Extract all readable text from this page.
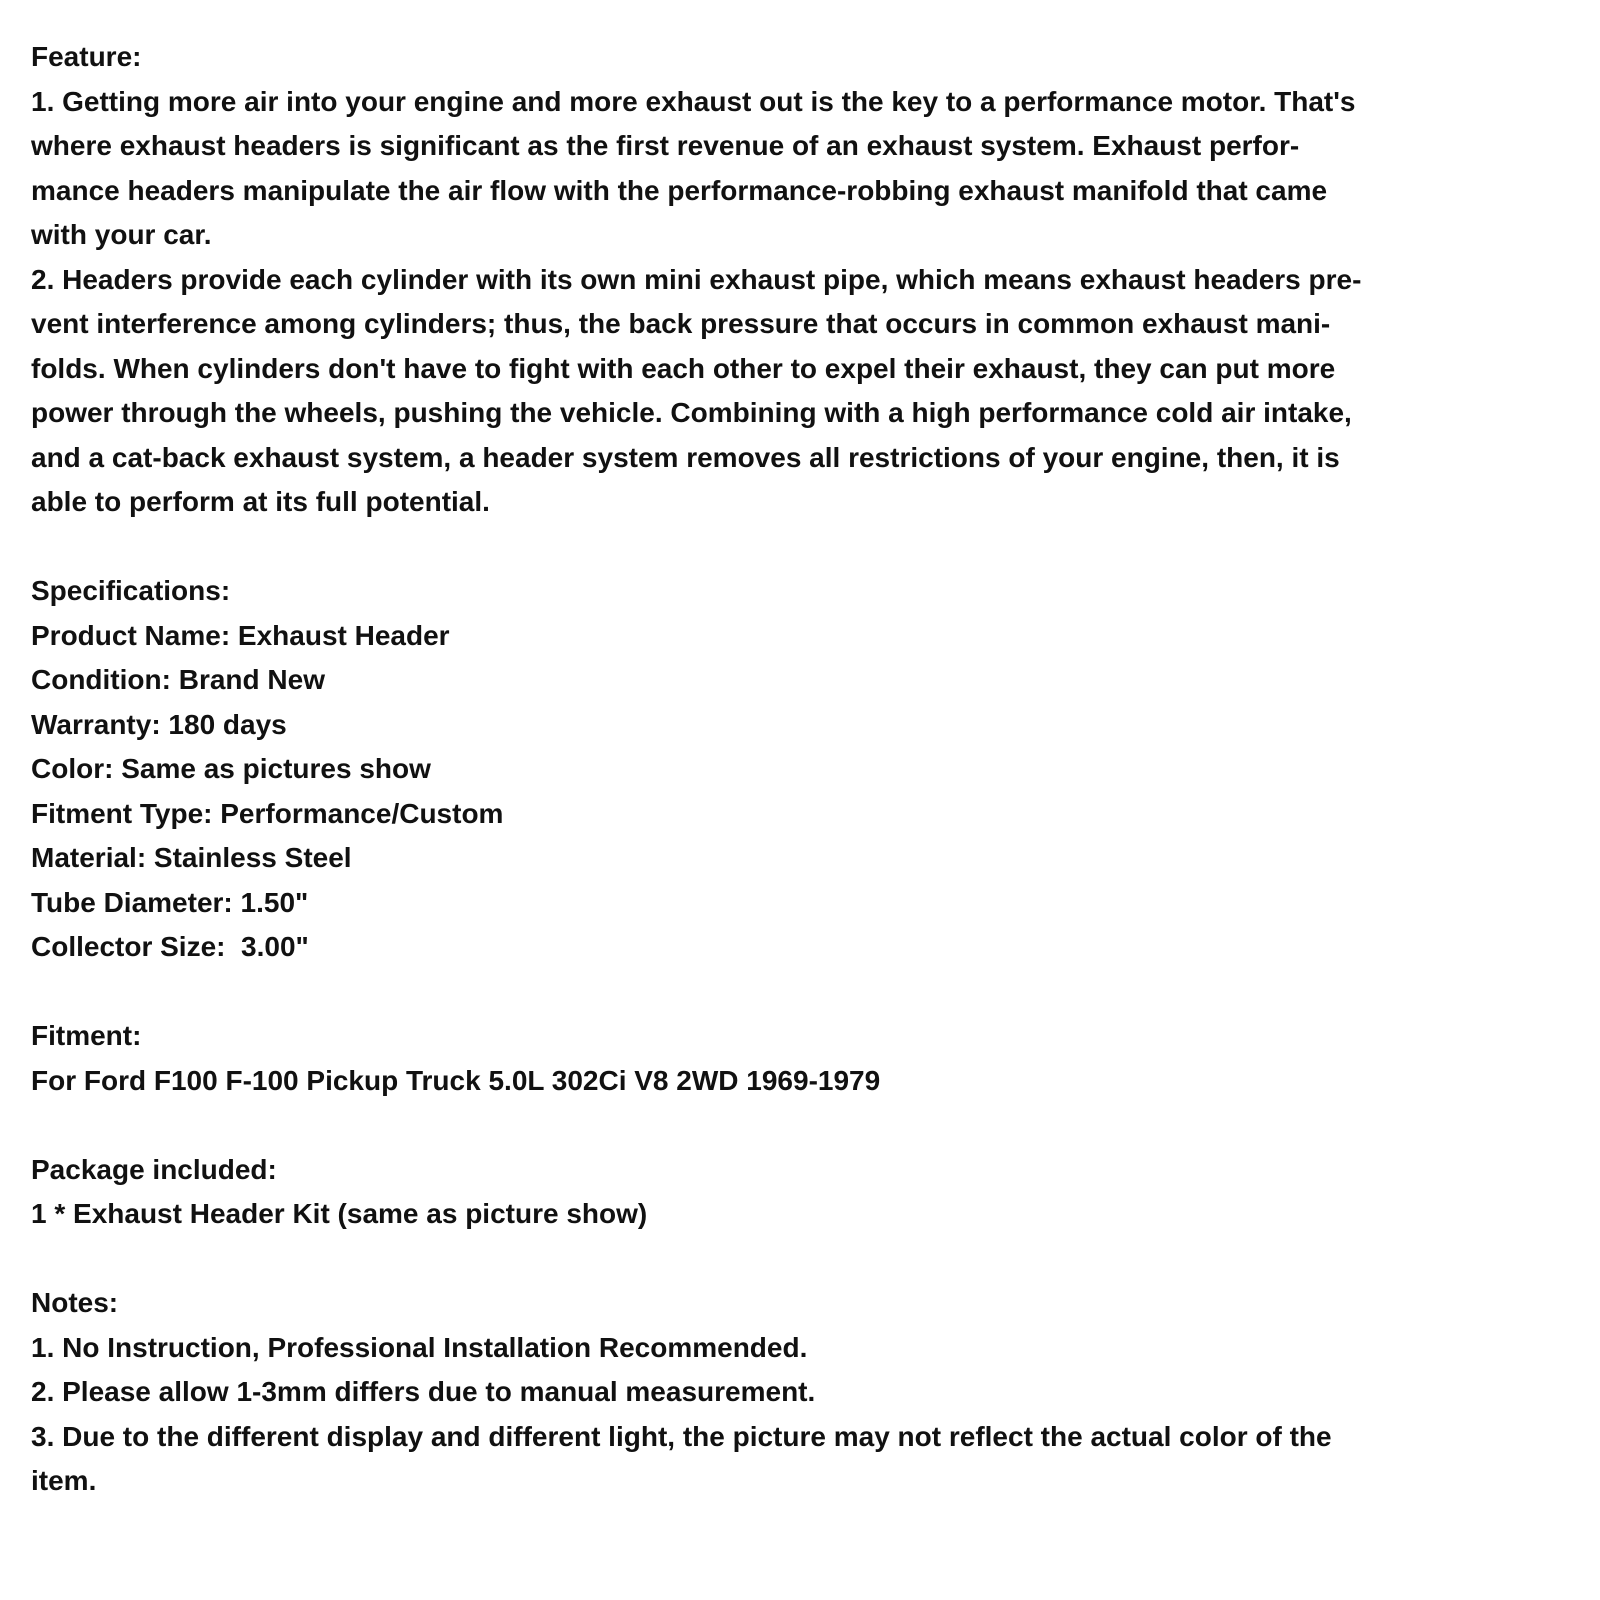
Feature:

1. Getting more air into your engine and more exhaust out is the key to a performance motor. That's

where exhaust headers is significant as the first revenue of an exhaust system. Exhaust perfor-

mance headers manipulate the air flow with the performance-robbing exhaust manifold that came

with your car.

2. Headers provide each cylinder with its own mini exhaust pipe, which means exhaust headers pre-

vent interference among cylinders; thus, the back pressure that occurs in common exhaust mani-

folds. When cylinders don't have to fight with each other to expel their exhaust, they can put more

power through the wheels, pushing the vehicle. Combining with a high performance cold air intake,

and a cat-back exhaust system, a header system removes all restrictions of your engine, then, it is

able to perform at its full potential.

Specifications:

Product Name: Exhaust Header

Condition: Brand New

Warranty: 180 days

Color: Same as pictures show

Fitment Type: Performance/Custom

Material: Stainless Steel

Tube Diameter: 1.50"

Collector Size:  3.00"

Fitment:

For Ford F100 F-100 Pickup Truck 5.0L 302Ci V8 2WD 1969-1979

Package included:

1 * Exhaust Header Kit (same as picture show)

Notes:

1. No Instruction, Professional Installation Recommended.

2. Please allow 1-3mm differs due to manual measurement.

3. Due to the different display and different light, the picture may not reflect the actual color of the

item.
